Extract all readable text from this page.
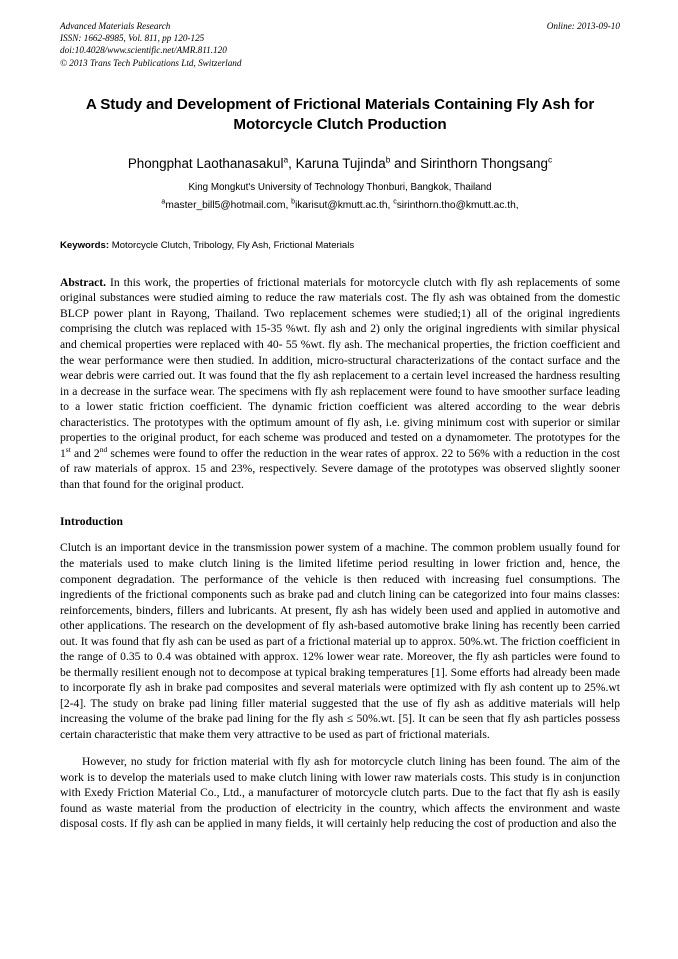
Advanced Materials Research
ISSN: 1662-8985, Vol. 811, pp 120-125
doi:10.4028/www.scientific.net/AMR.811.120
© 2013 Trans Tech Publications Ltd, Switzerland
Online: 2013-09-10
A Study and Development of Frictional Materials Containing Fly Ash for Motorcycle Clutch Production
Phongphat Laothanasakul$^a$, Karuna Tujinda$^b$ and Sirinthorn Thongsang$^c$
King Mongkut's University of Technology Thonburi, Bangkok, Thailand
$^a$master_bill5@hotmail.com, $^b$ikarisut@kmutt.ac.th, $^c$sirinthorn.tho@kmutt.ac.th,
Keywords: Motorcycle Clutch, Tribology, Fly Ash, Frictional Materials
Abstract. In this work, the properties of frictional materials for motorcycle clutch with fly ash replacements of some original substances were studied aiming to reduce the raw materials cost. The fly ash was obtained from the domestic BLCP power plant in Rayong, Thailand. Two replacement schemes were studied;1) all of the original ingredients comprising the clutch was replaced with 15-35 %wt. fly ash and 2) only the original ingredients with similar physical and chemical properties were replaced with 40- 55 %wt. fly ash. The mechanical properties, the friction coefficient and the wear performance were then studied. In addition, micro-structural characterizations of the contact surface and the wear debris were carried out. It was found that the fly ash replacement to a certain level increased the hardness resulting in a decrease in the surface wear. The specimens with fly ash replacement were found to have smoother surface leading to a lower static friction coefficient. The dynamic friction coefficient was altered according to the wear debris characteristics. The prototypes with the optimum amount of fly ash, i.e. giving minimum cost with superior or similar properties to the original product, for each scheme was produced and tested on a dynamometer. The prototypes for the 1st and 2nd schemes were found to offer the reduction in the wear rates of approx. 22 to 56% with a reduction in the cost of raw materials of approx. 15 and 23%, respectively. Severe damage of the prototypes was observed slightly sooner than that found for the original product.
Introduction

Clutch is an important device in the transmission power system of a machine. The common problem usually found for the materials used to make clutch lining is the limited lifetime period resulting in lower friction and, hence, the component degradation. The performance of the vehicle is then reduced with increasing fuel consumptions. The ingredients of the frictional components such as brake pad and clutch lining can be categorized into four mains classes: reinforcements, binders, fillers and lubricants. At present, fly ash has widely been used and applied in automotive and other applications. The research on the development of fly ash-based automotive brake lining has recently been carried out. It was found that fly ash can be used as part of a frictional material up to approx. 50%.wt. The friction coefficient in the range of 0.35 to 0.4 was obtained with approx. 12% lower wear rate. Moreover, the fly ash particles were found to be thermally resilient enough not to decompose at typical braking temperatures [1]. Some efforts had already been made to incorporate fly ash in brake pad composites and several materials were optimized with fly ash content up to 25%.wt [2-4]. The study on brake pad lining filler material suggested that the use of fly ash as additive materials will help increasing the volume of the brake pad lining for the fly ash ≤ 50%.wt. [5]. It can be seen that fly ash particles possess certain characteristic that make them very attractive to be used as part of frictional materials.

However, no study for friction material with fly ash for motorcycle clutch lining has been found. The aim of the work is to develop the materials used to make clutch lining with lower raw materials costs. This study is in conjunction with Exedy Friction Material Co., Ltd., a manufacturer of motorcycle clutch parts. Due to the fact that fly ash is easily found as waste material from the production of electricity in the country, which affects the environment and waste disposal costs. If fly ash can be applied in many fields, it will certainly help reducing the cost of production and also the
